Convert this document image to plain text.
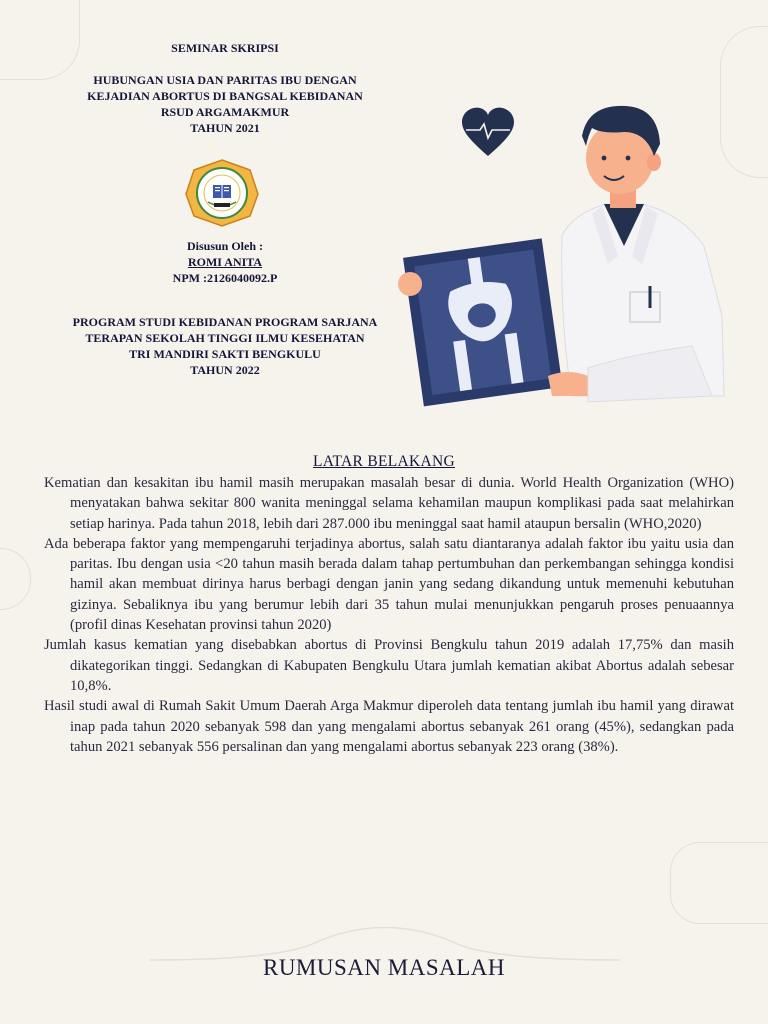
SEMINAR SKRIPSI
HUBUNGAN USIA DAN PARITAS IBU DENGAN
KEJADIAN ABORTUS DI BANGSAL KEBIDANAN
RSUD ARGAMAKMUR
TAHUN 2021
Disusun Oleh :
ROMI ANITA
NPM :2126040092.P
PROGRAM STUDI KEBIDANAN PROGRAM SARJANA
TERAPAN SEKOLAH TINGGI ILMU KESEHATAN
TRI MANDIRI SAKTI BENGKULU
TAHUN 2022
LATAR BELAKANG

Kematian dan kesakitan ibu hamil masih merupakan masalah besar di dunia. World Health Organization (WHO) menyatakan bahwa sekitar 800 wanita meninggal selama kehamilan maupun komplikasi pada saat melahirkan setiap harinya. Pada tahun 2018, lebih dari 287.000 ibu meninggal saat hamil ataupun bersalin (WHO,2020)

Ada beberapa faktor yang mempengaruhi terjadinya abortus, salah satu diantaranya adalah faktor ibu yaitu usia dan paritas. Ibu dengan usia <20 tahun masih berada dalam tahap pertumbuhan dan perkembangan sehingga kondisi hamil akan membuat dirinya harus berbagi dengan janin yang sedang dikandung untuk memenuhi kebutuhan gizinya. Sebaliknya ibu yang berumur lebih dari 35 tahun mulai menunjukkan pengaruh proses penuaannya (profil dinas Kesehatan provinsi tahun 2020)

Jumlah kasus kematian yang disebabkan abortus di Provinsi Bengkulu tahun 2019 adalah 17,75% dan masih dikategorikan tinggi. Sedangkan di Kabupaten Bengkulu Utara jumlah kematian akibat Abortus adalah sebesar 10,8%.

Hasil studi awal di Rumah Sakit Umum Daerah Arga Makmur diperoleh data tentang jumlah ibu hamil yang dirawat inap pada tahun 2020 sebanyak 598 dan yang mengalami abortus sebanyak 261 orang (45%), sedangkan pada tahun 2021 sebanyak 556 persalinan dan yang mengalami abortus sebanyak 223 orang (38%).

RUMUSAN MASALAH
